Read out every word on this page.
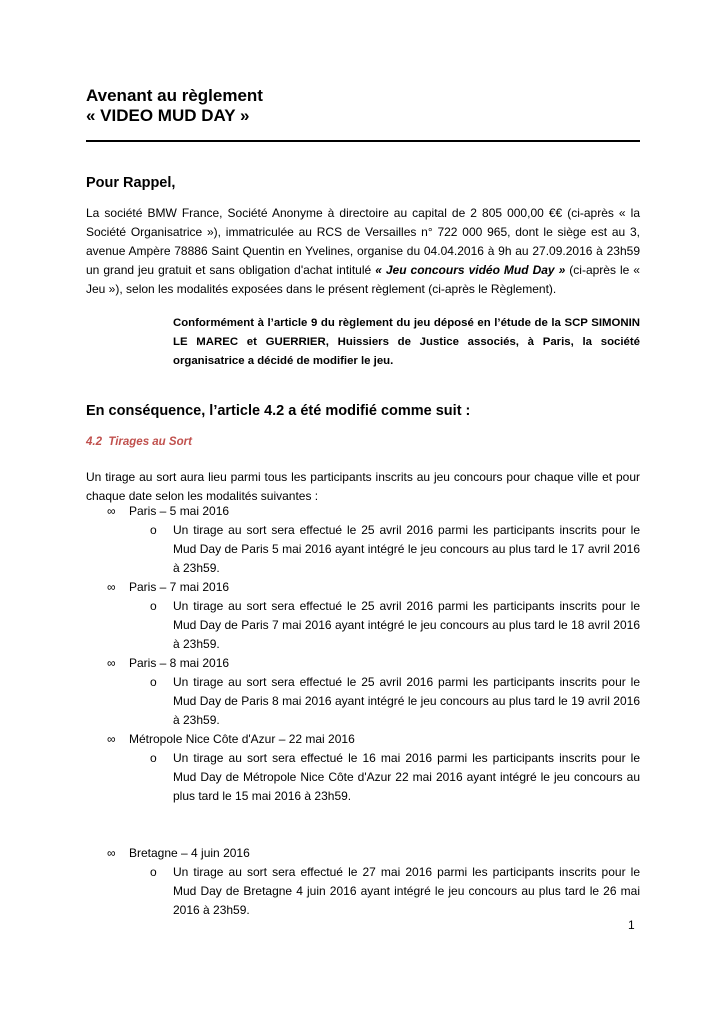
Avenant au règlement
« VIDEO MUD DAY »
Pour Rappel,
La société BMW France, Société Anonyme à directoire au capital de 2 805 000,00 €€ (ci-après « la Société Organisatrice »), immatriculée au RCS de Versailles n° 722 000 965, dont le siège est au 3, avenue Ampère 78886 Saint Quentin en Yvelines, organise du 04.04.2016 à 9h au 27.09.2016 à 23h59 un grand jeu gratuit et sans obligation d'achat intitulé « Jeu concours vidéo Mud Day » (ci-après le « Jeu »), selon les modalités exposées dans le présent règlement (ci-après le Règlement).
Conformément à l’article 9 du règlement du jeu déposé en l’étude de la SCP SIMONIN LE MAREC et GUERRIER, Huissiers de Justice associés, à Paris, la société organisatrice a décidé de modifier le jeu.
En conséquence, l’article 4.2 a été modifié comme suit :
4.2 Tirages au Sort
Un tirage au sort aura lieu parmi tous les participants inscrits au jeu concours pour chaque ville et pour chaque date selon les modalités suivantes :
∞ Paris – 5 mai 2016
o	Un tirage au sort sera effectué le 25 avril 2016 parmi les participants inscrits pour le Mud Day de Paris 5 mai 2016 ayant intégré le jeu concours au plus tard le 17 avril 2016 à 23h59.
∞ Paris – 7 mai 2016
o	Un tirage au sort sera effectué le 25 avril 2016 parmi les participants inscrits pour le Mud Day de Paris 7 mai 2016 ayant intégré le jeu concours au plus tard le 18 avril 2016 à 23h59.
∞ Paris – 8 mai 2016
o	Un tirage au sort sera effectué le 25 avril 2016 parmi les participants inscrits pour le Mud Day de Paris 8 mai 2016 ayant intégré le jeu concours au plus tard le 19 avril 2016 à 23h59.
∞ Métropole Nice Côte d'Azur – 22 mai 2016
o	Un tirage au sort sera effectué le 16 mai 2016 parmi les participants inscrits pour le Mud Day de Métropole Nice Côte d'Azur 22 mai 2016 ayant intégré le jeu concours au plus tard le 15 mai 2016 à 23h59.
∞ Bretagne – 4 juin 2016
o	Un tirage au sort sera effectué le 27 mai 2016 parmi les participants inscrits pour le Mud Day de Bretagne 4 juin 2016 ayant intégré le jeu concours au plus tard le 26 mai 2016 à 23h59.
1
